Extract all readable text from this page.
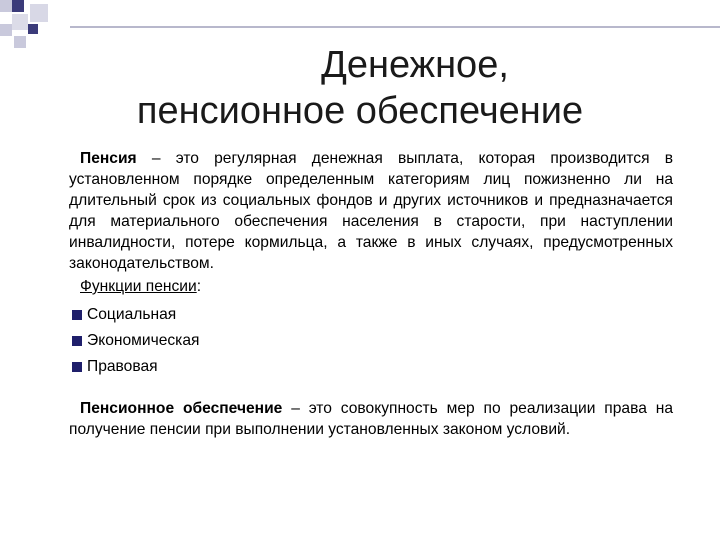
Денежное,
пенсионное обеспечение

Пенсия – это регулярная денежная выплата, которая производится в установленном порядке определенным категориям лиц пожизненно ли на длительный срок из социальных фондов и других источников и предназначается для материального обеспечения населения в старости, при наступлении инвалидности, потере кормильца, а также в иных случаях, предусмотренных законодательством.

Функции пенсии:

Социальная
Экономическая
Правовая

Пенсионное обеспечение – это совокупность мер по реализации права на получение пенсии при выполнении установленных законом условий.
